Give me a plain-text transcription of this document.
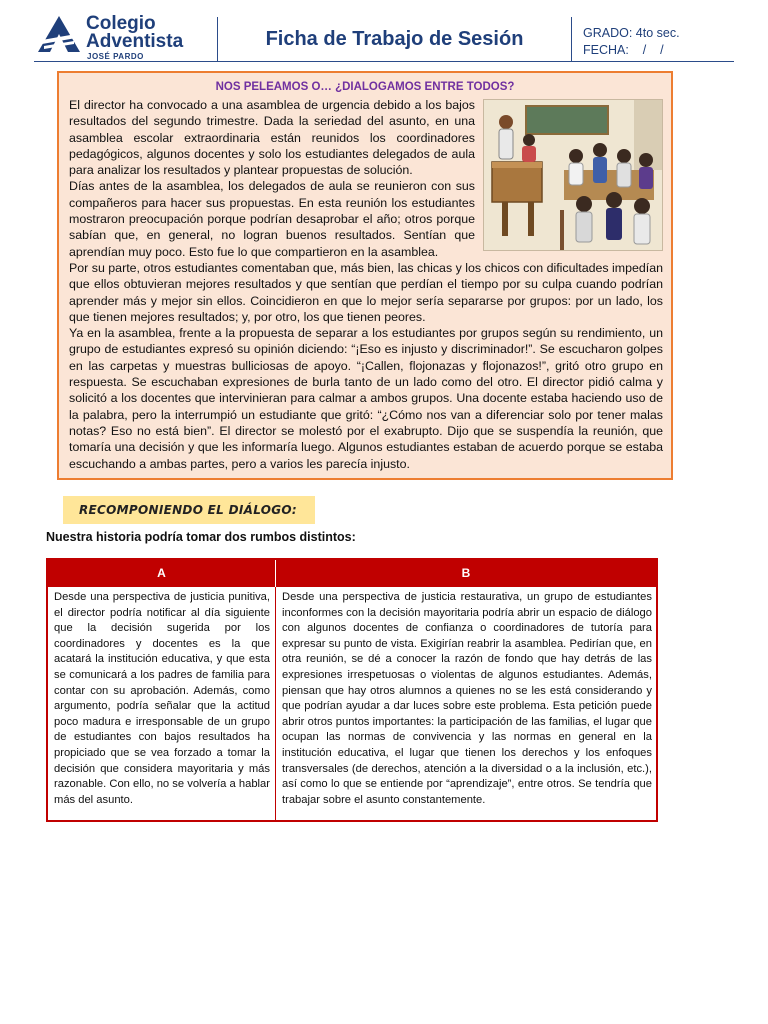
Colegio
Adventista
JOSÉ PARDO
Ficha de Trabajo de Sesión	GRADO: 4to sec.
FECHA:    /    /
NOS PELEAMOS O… ¿DIALOGAMOS ENTRE TODOS?

El director ha convocado a una asamblea de urgencia debido a los bajos resultados del segundo trimestre. Dada la seriedad del asunto, en una asamblea escolar extraordinaria están reunidos los coordinadores pedagógicos, algunos docentes y solo los estudiantes delegados de aula para analizar los resultados y plantear propuestas de solución.

Días antes de la asamblea, los delegados de aula se reunieron con sus compañeros para hacer sus propuestas. En esta reunión los estudiantes mostraron preocupación porque podrían desaprobar el año; otros porque sabían que, en general, no logran buenos resultados. Sentían que aprendían muy poco. Esto fue lo que compartieron en la asamblea.

Por su parte, otros estudiantes comentaban que, más bien, las chicas y los chicos con dificultades impedían que ellos obtuvieran mejores resultados y que sentían que perdían el tiempo por su culpa cuando podrían aprender más y mejor sin ellos. Coincidieron en que lo mejor sería separarse por grupos: por un lado, los que tienen mejores resultados; y, por otro, los que tienen peores.

Ya en la asamblea, frente a la propuesta de separar a los estudiantes por grupos según su rendimiento, un grupo de estudiantes expresó su opinión diciendo: “¡Eso es injusto y discriminador!”. Se escucharon golpes en las carpetas y muestras bulliciosas de apoyo. “¡Callen, flojonazas y flojonazos!”, gritó otro grupo en respuesta. Se escuchaban expresiones de burla tanto de un lado como del otro. El director pidió calma y solicitó a los docentes que intervinieran para calmar a ambos grupos. Una docente estaba haciendo uso de la palabra, pero la interrumpió un estudiante que gritó: “¿Cómo nos van a diferenciar solo por tener malas notas? Eso no está bien”. El director se molestó por el exabrupto. Dijo que se suspendía la reunión, que tomaría una decisión y que les informaría luego. Algunos estudiantes estaban de acuerdo porque se estaba escuchando a ambas partes, pero a varios les parecía injusto.

RECOMPONIENDO EL DIÁLOGO:
Nuestra historia podría tomar dos rumbos distintos:
A	B
Desde una perspectiva de justicia punitiva, el director podría notificar al día siguiente que la decisión sugerida por los coordinadores y docentes es la que acatará la institución educativa, y que esta se comunicará a los padres de familia para contar con su aprobación. Además, como argumento, podría señalar que la actitud poco madura e irresponsable de un grupo de estudiantes con bajos resultados ha propiciado que se vea forzado a tomar la decisión que considera mayoritaria y más razonable. Con ello, no se volvería a hablar más del asunto.
Desde una perspectiva de justicia restaurativa, un grupo de estudiantes inconformes con la decisión mayoritaria podría abrir un espacio de diálogo con algunos docentes de confianza o coordinadores de tutoría para expresar su punto de vista. Exigirían reabrir la asamblea. Pedirían que, en otra reunión, se dé a conocer la razón de fondo que hay detrás de las expresiones irrespetuosas o violentas de algunos estudiantes. Además, piensan que hay otros alumnos a quienes no se les está considerando y que podrían ayudar a dar luces sobre este problema. Esta petición puede abrir otros puntos importantes: la participación de las familias, el lugar que ocupan las normas de convivencia y las normas en general en la institución educativa, el lugar que tienen los derechos y los enfoques transversales (de derechos, atención a la diversidad o a la inclusión, etc.), así como lo que se entiende por “aprendizaje”, entre otros. Se tendría que trabajar sobre el asunto constantemente.
